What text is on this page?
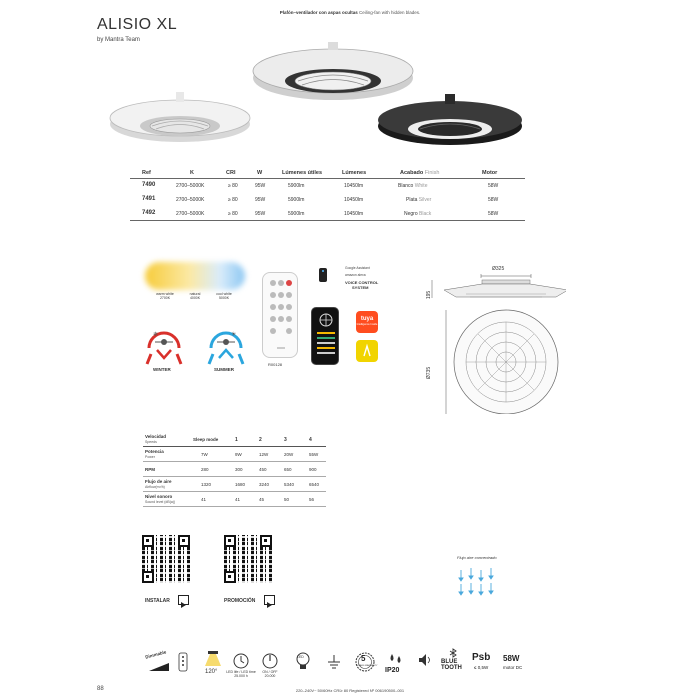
ALISIO XL
by Mantra Team
Plafón–ventilador con aspas ocultas Ceiling-fan with hidden blades.
Ref	K	CRI	W	Lúmenes útiles	Lúmenes	Acabado Finish	Motor
7490	2700–5000K	≥ 80	95W	5900lm	10450lm	Blanco White	58W
7491	2700–5000K	≥ 80	95W	5900lm	10450lm	Plata Silver	58W
7492	2700–5000K	≥ 80	95W	5900lm	10450lm	Negro Black	58W
warm white
2700K
natural
4000K
cool white
5000K
❄
WINTER
☀
SUMMER
R00128
Google Assistant
amazon alexa
VOICE CONTROL
SYSTEM
tuya
Intelligence Inside
Ø325
195
Ø735
Velocidad
Speeds	Sleep mode	1	2	3	4
Potencia
Power	7W	9W	12W	20W	55W
RPM	280	300	450	650	900
Flujo de aire
Airflow(m³/h)	1320	1680	3240	5340	6540
Nivel sonoro
Sound level (dB(a))	41	41	45	50	56
INSTALAR	PROMOCIÓN
Flujo aire concentrado
Dimmable
120°	LED life / LED time 25.000 h
ON / OFF 20.000
LED	5
YEARS WARRANTY
IP20
BLUE
TOOTH
Psb
≤ 0,5W
58W
motor DC
88	220–240V~ 50/60Hz CRI≥ 80 Registered Nº 006190500–001
